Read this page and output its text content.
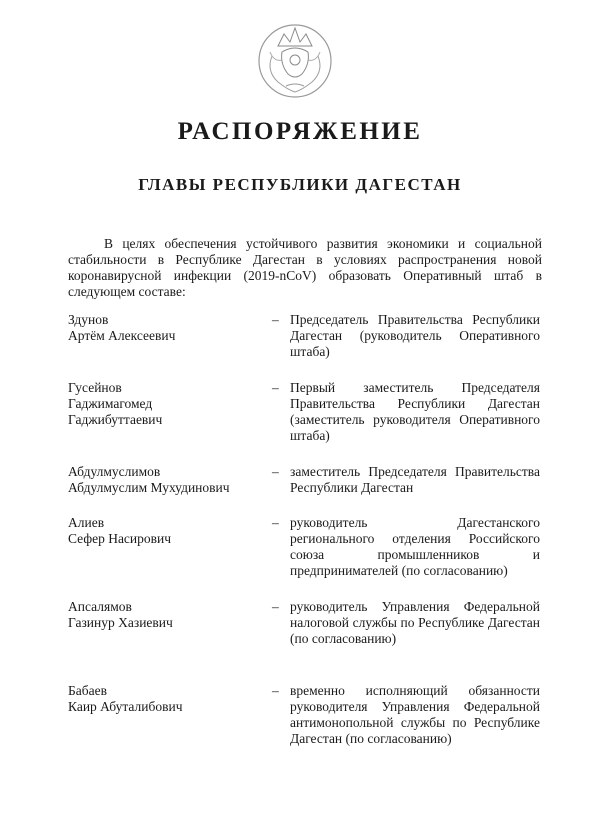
РАСПОРЯЖЕНИЕ
ГЛАВЫ РЕСПУБЛИКИ ДАГЕСТАН
В целях обеспечения устойчивого развития экономики и социальной стабильности в Республике Дагестан в условиях распространения новой коронавирусной инфекции (2019-nCoV) образовать Оперативный штаб в следующем составе:
Здунов
Артём Алексеевич
– Председатель Правительства Республики Дагестан (руководитель Оперативного штаба)
Гусейнов
Гаджимагомед Гаджибуттаевич
– Первый заместитель Председателя Правительства Республики Дагестан (заместитель руководителя Оперативного штаба)
Абдулмуслимов
Абдулмуслим Мухудинович
– заместитель Председателя Правительства Республики Дагестан
Алиев
Сефер Насирович
– руководитель Дагестанского регионального отделения Российского союза промышленников и предпринимателей (по согласованию)
Апсалямов
Газинур Хазиевич
– руководитель Управления Федеральной налоговой службы по Республике Дагестан (по согласованию)
Бабаев
Каир Абуталибович
– временно исполняющий обязанности руководителя Управления Федеральной антимонопольной службы по Республике Дагестан (по согласованию)
